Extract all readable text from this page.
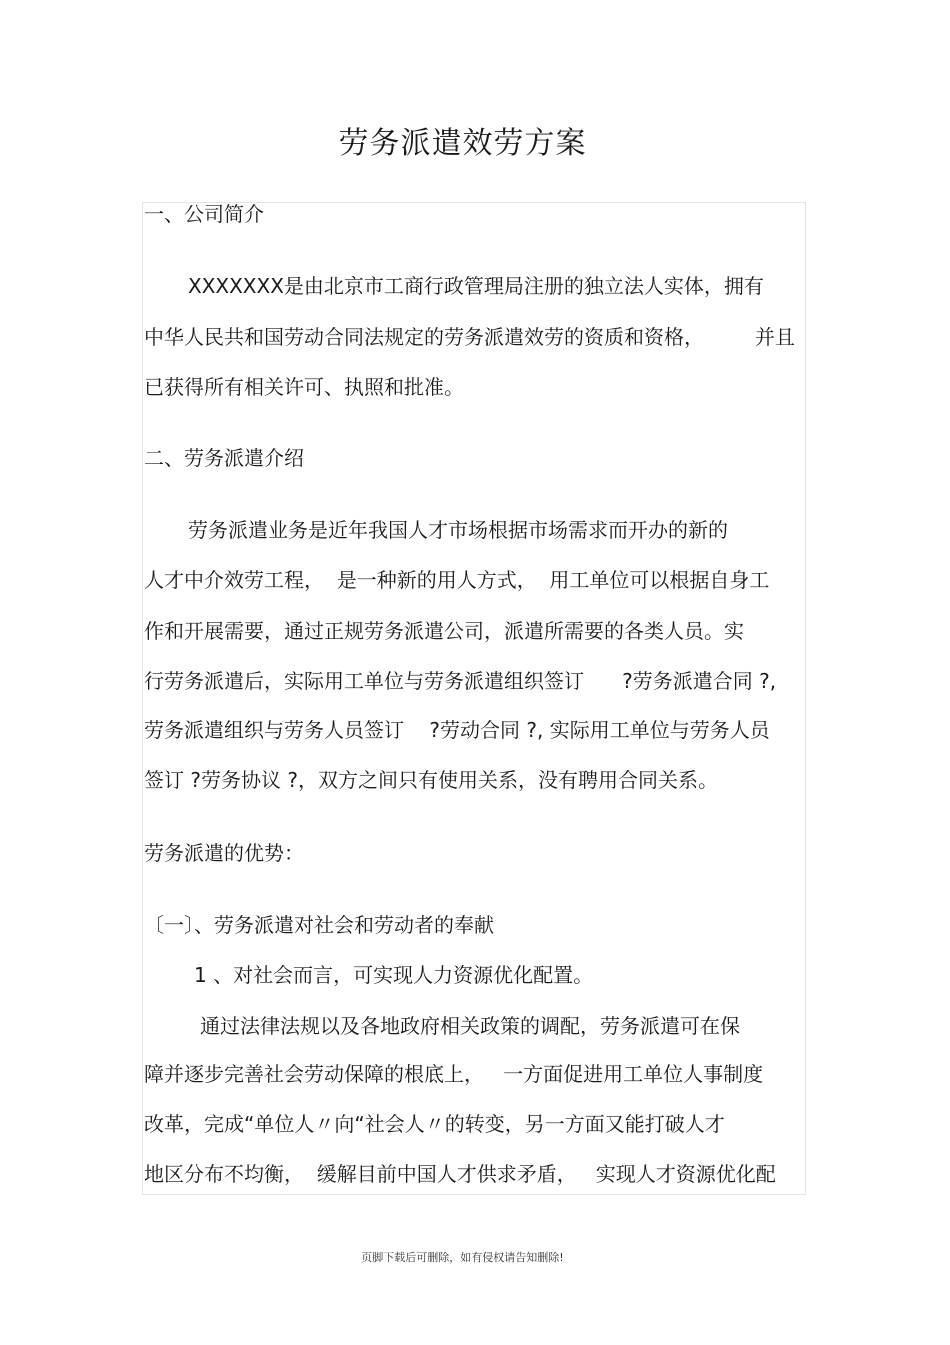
劳务派遣效劳方案
一、公司简介
XXXXXXX是由北京市工商行政管理局注册的独立法人实体，拥有
中华人民共和国劳动合同法规定的劳务派遣效劳的资质和资格，        并且
已获得所有相关许可、执照和批准。
二、劳务派遣介绍
劳务派遣业务是近年我国人才市场根据市场需求而开办的新的
人才中介效劳工程，  是一种新的用人方式，  用工单位可以根据自身工
作和开展需要，通过正规劳务派遣公司，派遣所需要的各类人员。实
行劳务派遣后，实际用工单位与劳务派遣组织签订      ?劳务派遣合同 ?,
劳务派遣组织与劳务人员签订    ?劳动合同 ?, 实际用工单位与劳务人员
签订 ?劳务协议 ?，双方之间只有使用关系，没有聘用合同关系。
劳务派遣的优势：
〔一〕、劳务派遣对社会和劳动者的奉献
1 、对社会而言，可实现人力资源优化配置。
通过法律法规以及各地政府相关政策的调配，劳务派遣可在保
障并逐步完善社会劳动保障的根底上，   一方面促进用工单位人事制度
改革，完成“单位人〃向“社会人〃的转变，另一方面又能打破人才
地区分布不均衡，  缓解目前中国人才供求矛盾，   实现人才资源优化配
页脚下载后可删除，如有侵权请告知删除!
